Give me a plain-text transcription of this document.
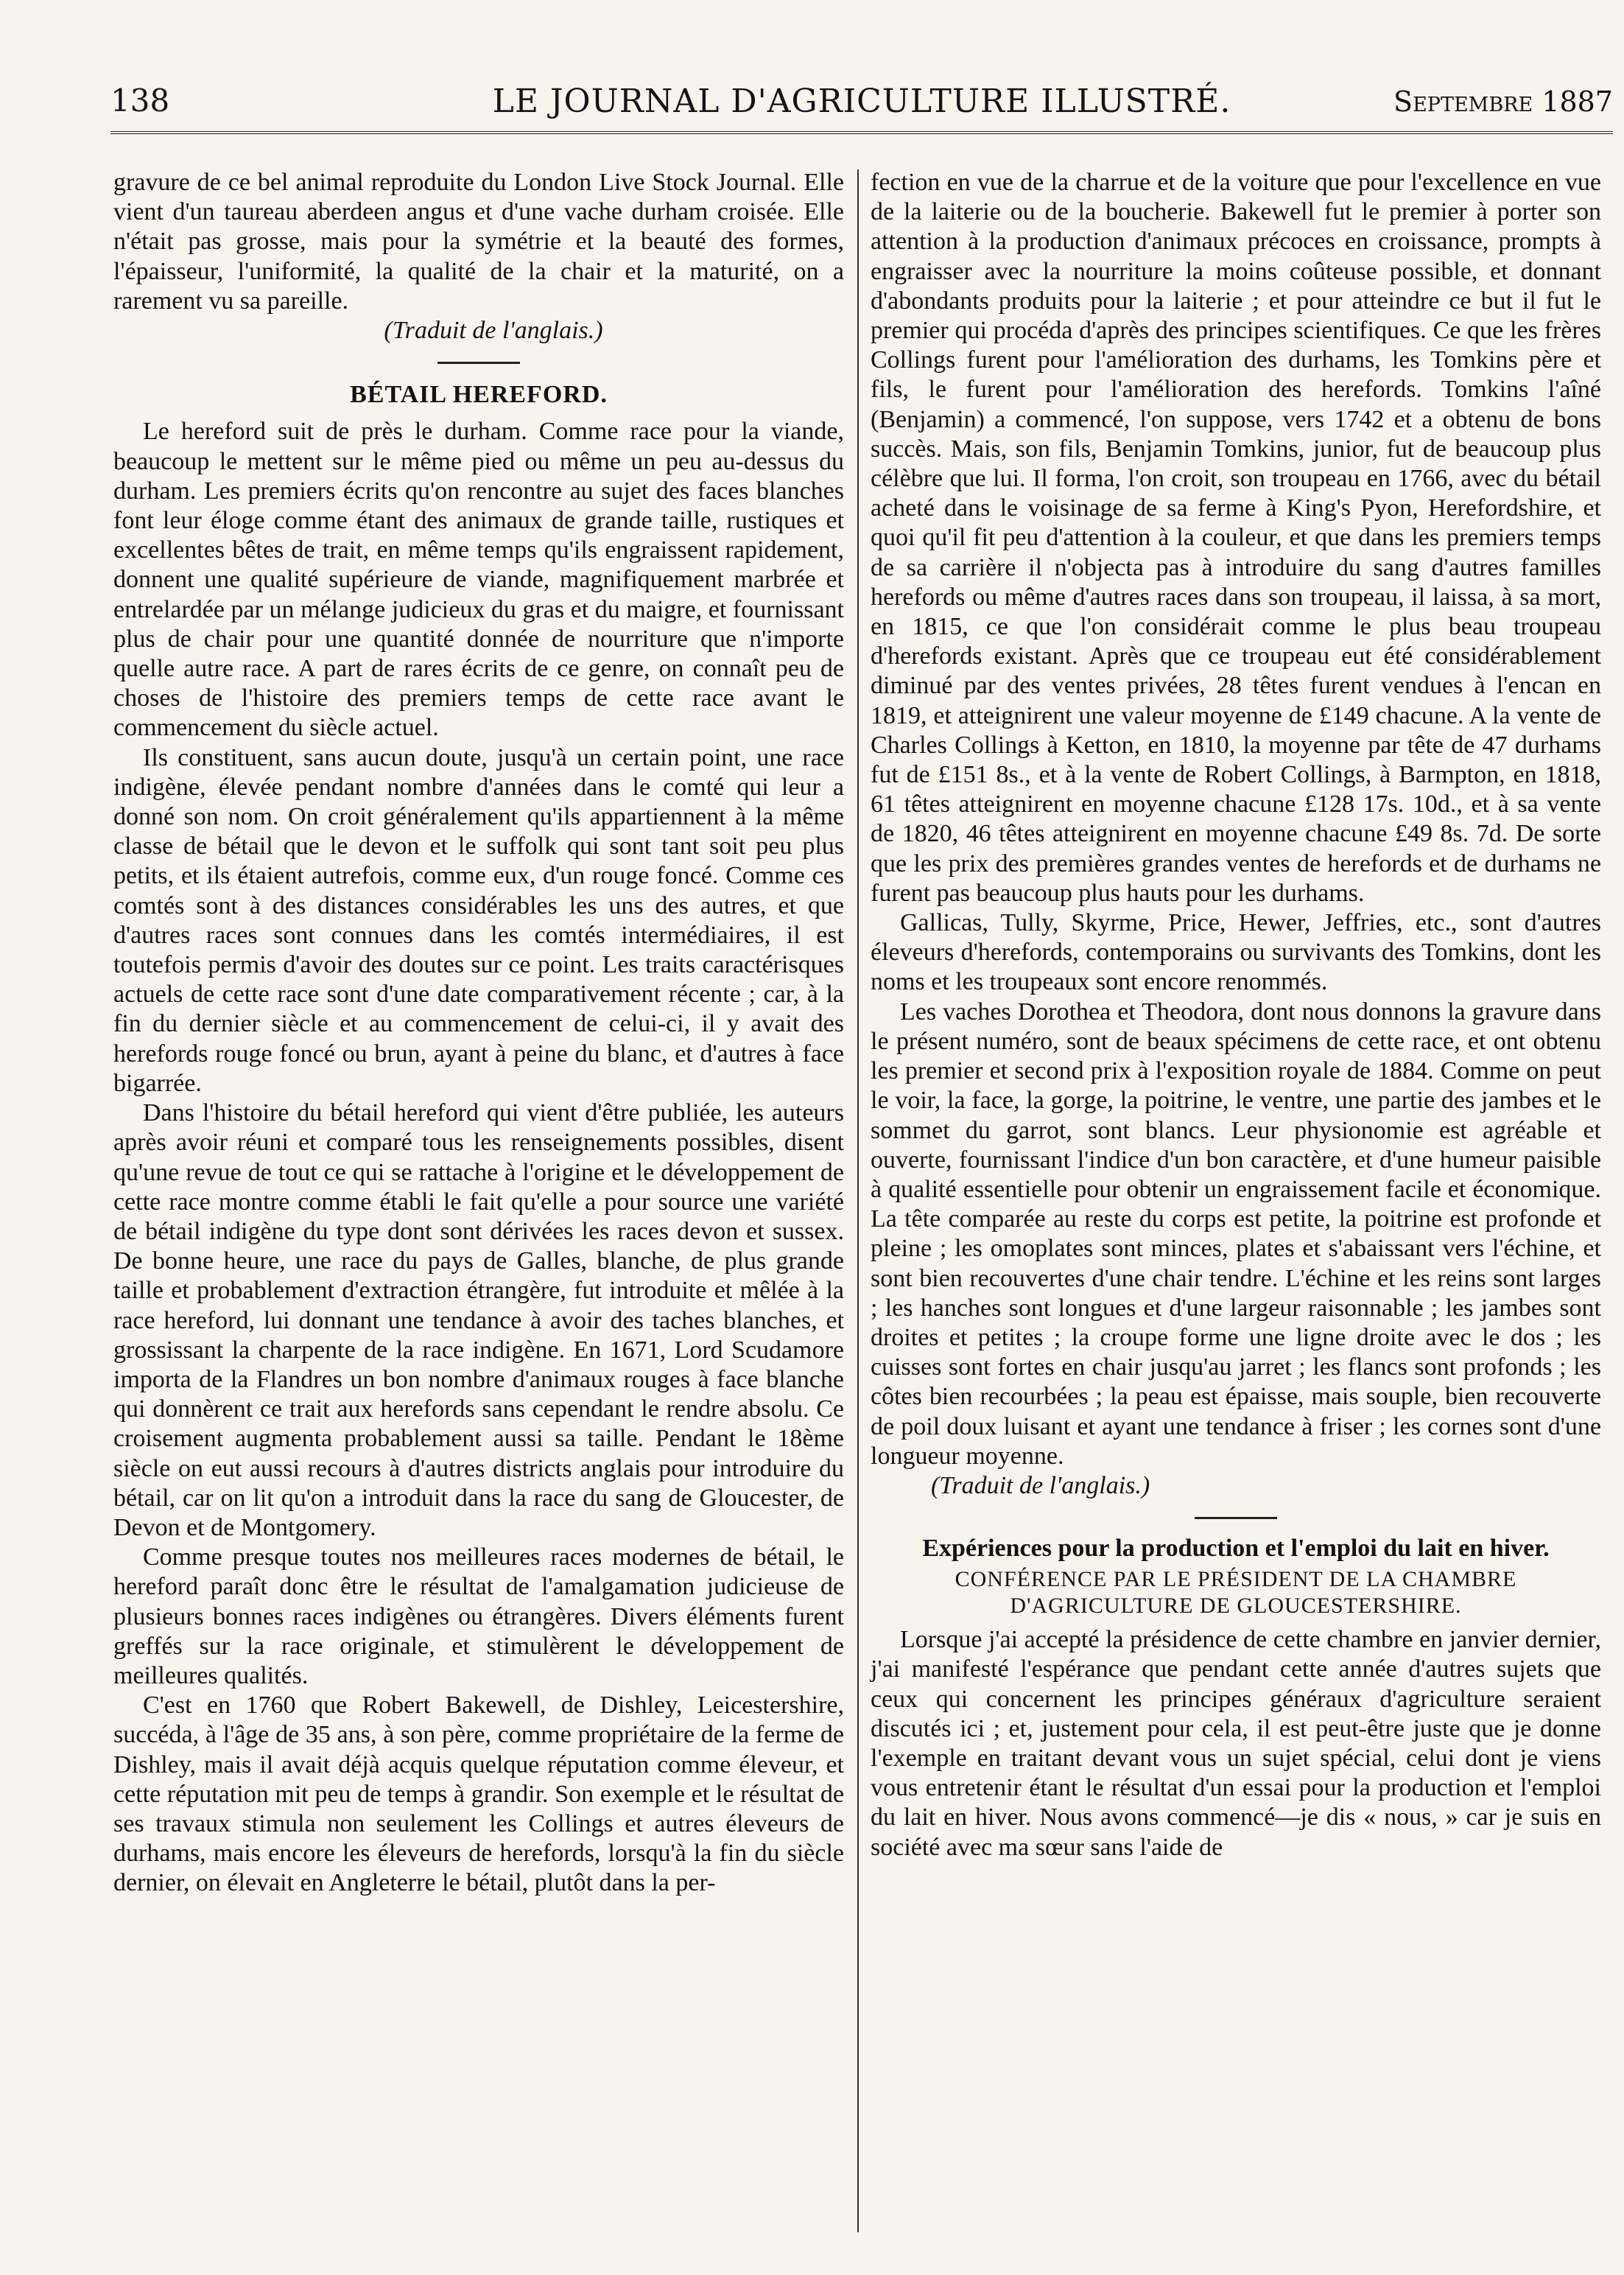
138	LE JOURNAL D'AGRICULTURE ILLUSTRÉ.	Septembre 1887

gravure de ce bel animal reproduite du London Live Stock Journal. Elle vient d'un taureau aberdeen angus et d'une vache durham croisée. Elle n'était pas grosse, mais pour la symétrie et la beauté des formes, l'épaisseur, l'uniformité, la qualité de la chair et la maturité, on a rarement vu sa pareille.

(Traduit de l'anglais.)

BÉTAIL HEREFORD.

Le hereford suit de près le durham. Comme race pour la viande, beaucoup le mettent sur le même pied ou même un peu au-dessus du durham. Les premiers écrits qu'on rencontre au sujet des faces blanches font leur éloge comme étant des animaux de grande taille, rustiques et excellentes bêtes de trait, en même temps qu'ils engraissent rapidement, donnent une qualité supérieure de viande, magnifiquement marbrée et entrelardée par un mélange judicieux du gras et du maigre, et fournissant plus de chair pour une quantité donnée de nourriture que n'importe quelle autre race. A part de rares écrits de ce genre, on connaît peu de choses de l'histoire des premiers temps de cette race avant le commencement du siècle actuel.

Ils constituent, sans aucun doute, jusqu'à un certain point, une race indigène, élevée pendant nombre d'années dans le comté qui leur a donné son nom. On croit généralement qu'ils appartiennent à la même classe de bétail que le devon et le suffolk qui sont tant soit peu plus petits, et ils étaient autrefois, comme eux, d'un rouge foncé. Comme ces comtés sont à des distances considérables les uns des autres, et que d'autres races sont connues dans les comtés intermédiaires, il est toutefois permis d'avoir des doutes sur ce point. Les traits caractérisques actuels de cette race sont d'une date comparativement récente ; car, à la fin du dernier siècle et au commencement de celui-ci, il y avait des herefords rouge foncé ou brun, ayant à peine du blanc, et d'autres à face bigarrée.

Dans l'histoire du bétail hereford qui vient d'être publiée, les auteurs après avoir réuni et comparé tous les renseignements possibles, disent qu'une revue de tout ce qui se rattache à l'origine et le développement de cette race montre comme établi le fait qu'elle a pour source une variété de bétail indigène du type dont sont dérivées les races devon et sussex. De bonne heure, une race du pays de Galles, blanche, de plus grande taille et probablement d'extraction étrangère, fut introduite et mêlée à la race hereford, lui donnant une tendance à avoir des taches blanches, et grossissant la charpente de la race indigène. En 1671, Lord Scudamore importa de la Flandres un bon nombre d'animaux rouges à face blanche qui donnèrent ce trait aux herefords sans cependant le rendre absolu. Ce croisement augmenta probablement aussi sa taille. Pendant le 18ème siècle on eut aussi recours à d'autres districts anglais pour introduire du bétail, car on lit qu'on a introduit dans la race du sang de Gloucester, de Devon et de Montgomery.

Comme presque toutes nos meilleures races modernes de bétail, le hereford paraît donc être le résultat de l'amalgamation judicieuse de plusieurs bonnes races indigènes ou étrangères. Divers éléments furent greffés sur la race originale, et stimulèrent le développement de meilleures qualités.

C'est en 1760 que Robert Bakewell, de Dishley, Leicestershire, succéda, à l'âge de 35 ans, à son père, comme propriétaire de la ferme de Dishley, mais il avait déjà acquis quelque réputation comme éleveur, et cette réputation mit peu de temps à grandir. Son exemple et le résultat de ses travaux stimula non seulement les Collings et autres éleveurs de durhams, mais encore les éleveurs de herefords, lorsqu'à la fin du siècle dernier, on élevait en Angleterre le bétail, plutôt dans la per-

fection en vue de la charrue et de la voiture que pour l'excellence en vue de la laiterie ou de la boucherie. Bakewell fut le premier à porter son attention à la production d'animaux précoces en croissance, prompts à engraisser avec la nourriture la moins coûteuse possible, et donnant d'abondants produits pour la laiterie ; et pour atteindre ce but il fut le premier qui procéda d'après des principes scientifiques. Ce que les frères Collings furent pour l'amélioration des durhams, les Tomkins père et fils, le furent pour l'amélioration des herefords. Tomkins l'aîné (Benjamin) a commencé, l'on suppose, vers 1742 et a obtenu de bons succès. Mais, son fils, Benjamin Tomkins, junior, fut de beaucoup plus célèbre que lui. Il forma, l'on croit, son troupeau en 1766, avec du bétail acheté dans le voisinage de sa ferme à King's Pyon, Herefordshire, et quoi qu'il fit peu d'attention à la couleur, et que dans les premiers temps de sa carrière il n'objecta pas à introduire du sang d'autres familles herefords ou même d'autres races dans son troupeau, il laissa, à sa mort, en 1815, ce que l'on considérait comme le plus beau troupeau d'herefords existant. Après que ce troupeau eut été considérablement diminué par des ventes privées, 28 têtes furent vendues à l'encan en 1819, et atteignirent une valeur moyenne de £149 chacune. A la vente de Charles Collings à Ketton, en 1810, la moyenne par tête de 47 durhams fut de £151 8s., et à la vente de Robert Collings, à Barmpton, en 1818, 61 têtes atteignirent en moyenne chacune £128 17s. 10d., et à sa vente de 1820, 46 têtes atteignirent en moyenne chacune £49 8s. 7d. De sorte que les prix des premières grandes ventes de herefords et de durhams ne furent pas beaucoup plus hauts pour les durhams.

Gallicas, Tully, Skyrme, Price, Hewer, Jeffries, etc., sont d'autres éleveurs d'herefords, contemporains ou survivants des Tomkins, dont les noms et les troupeaux sont encore renommés.

Les vaches Dorothea et Theodora, dont nous donnons la gravure dans le présent numéro, sont de beaux spécimens de cette race, et ont obtenu les premier et second prix à l'exposition royale de 1884. Comme on peut le voir, la face, la gorge, la poitrine, le ventre, une partie des jambes et le sommet du garrot, sont blancs. Leur physionomie est agréable et ouverte, fournissant l'indice d'un bon caractère, et d'une humeur paisible à qualité essentielle pour obtenir un engraissement facile et économique. La tête comparée au reste du corps est petite, la poitrine est profonde et pleine ; les omoplates sont minces, plates et s'abaissant vers l'échine, et sont bien recouvertes d'une chair tendre. L'échine et les reins sont larges ; les hanches sont longues et d'une largeur raisonnable ; les jambes sont droites et petites ; la croupe forme une ligne droite avec le dos ; les cuisses sont fortes en chair jusqu'au jarret ; les flancs sont profonds ; les côtes bien recourbées ; la peau est épaisse, mais souple, bien recouverte de poil doux luisant et ayant une tendance à friser ; les cornes sont d'une longueur moyenne.

(Traduit de l'anglais.)

Expériences pour la production et l'emploi du lait en hiver.

CONFÉRENCE PAR LE PRÉSIDENT DE LA CHAMBRE

D'AGRICULTURE DE GLOUCESTERSHIRE.

Lorsque j'ai accepté la présidence de cette chambre en janvier dernier, j'ai manifesté l'espérance que pendant cette année d'autres sujets que ceux qui concernent les principes généraux d'agriculture seraient discutés ici ; et, justement pour cela, il est peut-être juste que je donne l'exemple en traitant devant vous un sujet spécial, celui dont je viens vous entretenir étant le résultat d'un essai pour la production et l'emploi du lait en hiver. Nous avons commencé—je dis « nous, » car je suis en société avec ma sœur sans l'aide de
